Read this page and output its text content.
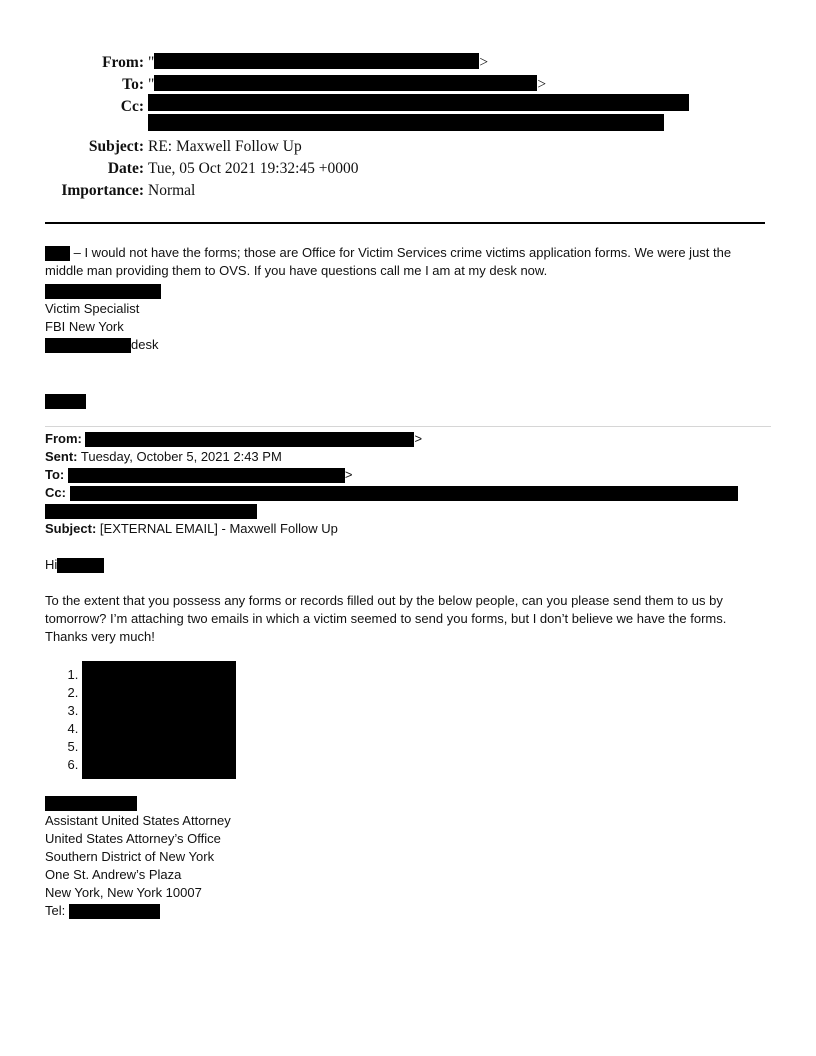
From: "	>
To: "	>
Cc:
Subject: RE: Maxwell Follow Up
Date: Tue, 05 Oct 2021 19:32:45 +0000
Importance: Normal

– I would not have the forms; those are Office for Victim Services crime victims application forms. We were just the middle man providing them to OVS. If you have questions call me I am at my desk now.

Victim Specialist

FBI New York

desk

From:	>

Sent: Tuesday, October 5, 2021 2:43 PM

To:	>

Cc:

Subject: [EXTERNAL EMAIL] - Maxwell Follow Up

Hi

To the extent that you possess any forms or records filled out by the below people, can you please send them to us by tomorrow? I’m attaching two emails in which a victim seemed to send you forms, but I don’t believe we have the forms. Thanks very much!

1.
2.
3.
4.
5.
6.

Assistant United States Attorney

United States Attorney’s Office

Southern District of New York

One St. Andrew’s Plaza

New York, New York 10007

Tel:
